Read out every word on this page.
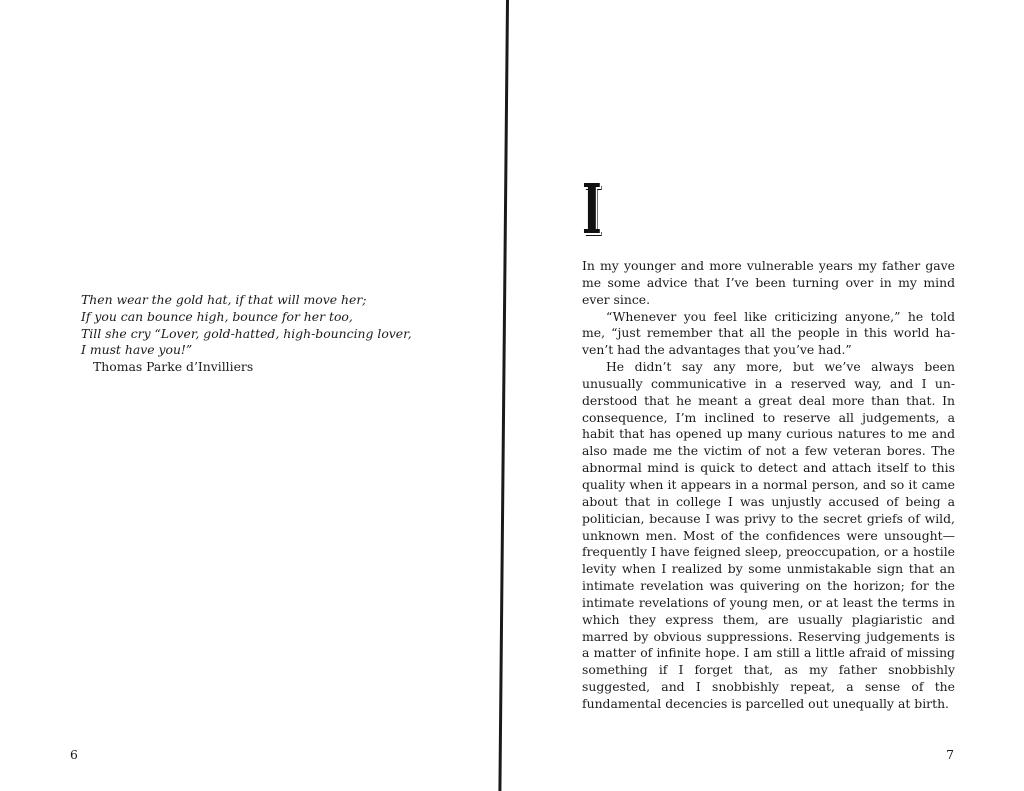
Then wear the gold hat, if that will move her;
If you can bounce high, bounce for her too,
Till she cry “Lover, gold-hatted, high-bouncing lover,
I must have you!”
Thomas Parke d’Invilliers
6
I

In my younger and more vulnerable years my father gave me some advice that I’ve been turning over in my mind ever since.

“Whenever you feel like criticizing anyone,” he told me, “just remember that all the people in this world haven’t had the advantages that you’ve had.”

He didn’t say any more, but we’ve always been unusually communicative in a reserved way, and I understood that he meant a great deal more than that. In consequence, I’m inclined to reserve all judgements, a habit that has opened up many curious natures to me and also made me the victim of not a few veteran bores. The abnormal mind is quick to detect and attach itself to this quality when it appears in a normal person, and so it came about that in college I was unjustly accused of being a politician, because I was privy to the secret griefs of wild, unknown men. Most of the confidences were unsought—frequently I have feigned sleep, preoccupation, or a hostile levity when I realized by some unmistakable sign that an intimate revelation was quivering on the horizon; for the intimate revelations of young men, or at least the terms in which they express them, are usually plagiaristic and marred by obvious suppressions. Reserving judgements is a matter of infinite hope. I am still a little afraid of missing something if I forget that, as my father snobbishly suggested, and I snobbishly repeat, a sense of the fundamental decencies is parcelled out unequally at birth.

7
